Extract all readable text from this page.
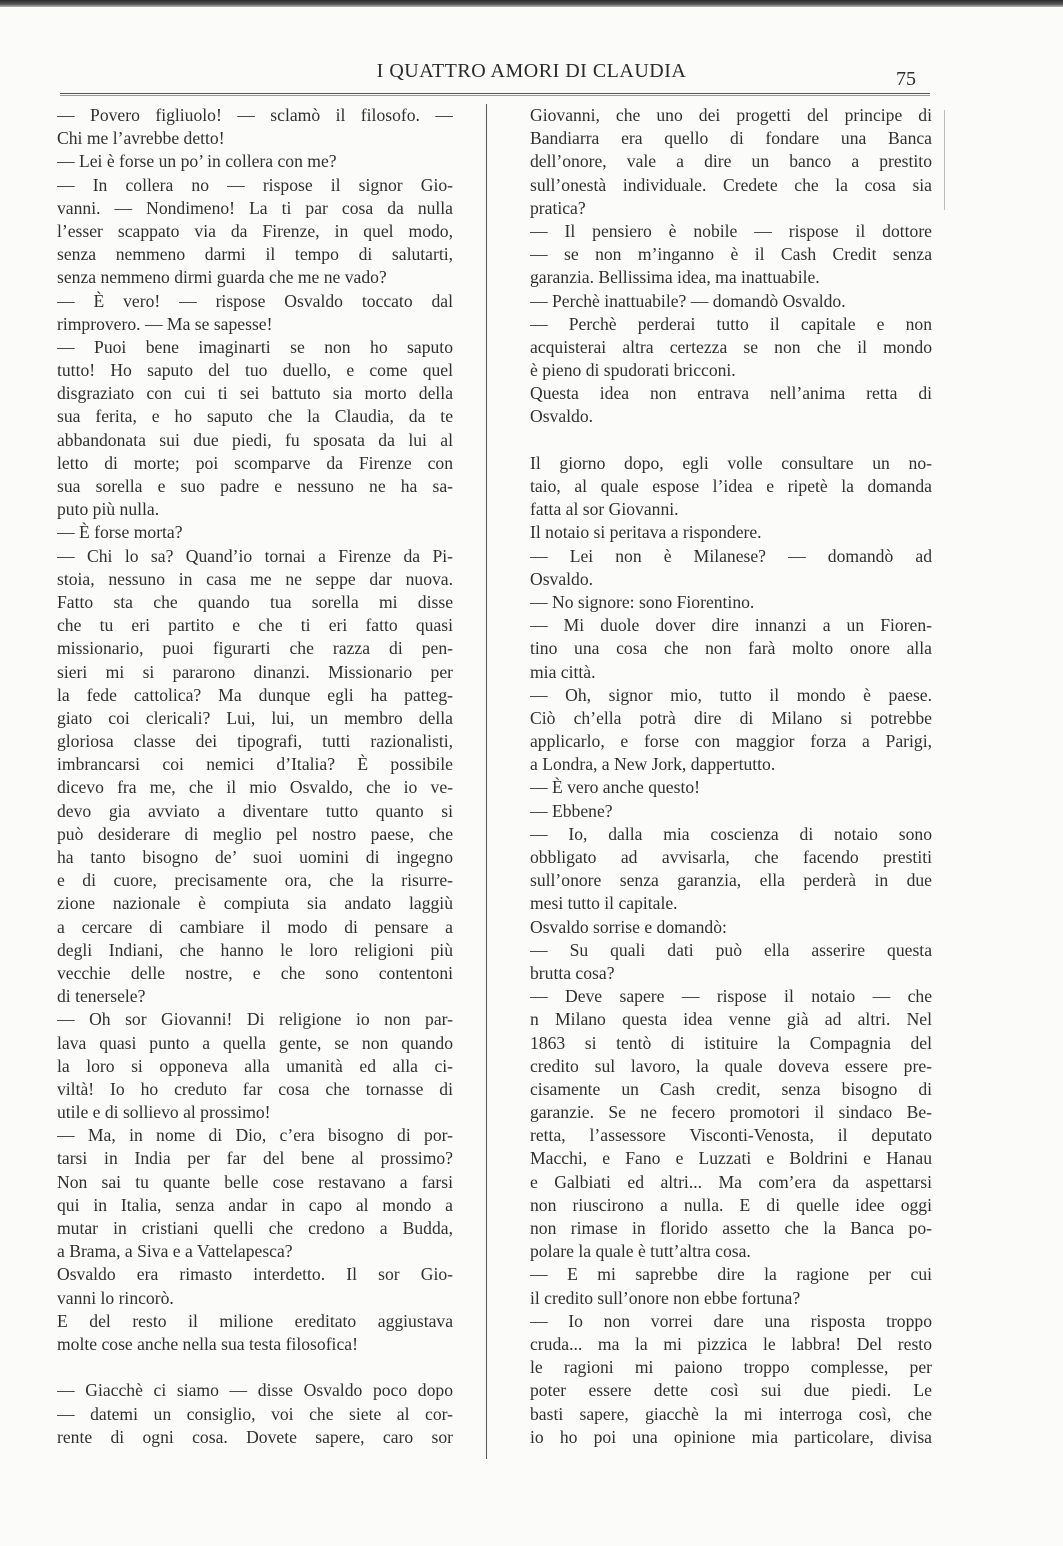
I QUATTRO AMORI DI CLAUDIA	75
— Povero figliuolo! — sclamò il filosofo. —
Chi me l’avrebbe detto!
— Lei è forse un po’ in collera con me?
— In collera no — rispose il signor Gio-
vanni. — Nondimeno! La ti par cosa da nulla
l’esser scappato via da Firenze, in quel modo,
senza nemmeno darmi il tempo di salutarti,
senza nemmeno dirmi guarda che me ne vado?
— È vero! — rispose Osvaldo toccato dal
rimprovero. — Ma se sapesse!
— Puoi bene imaginarti se non ho saputo
tutto! Ho saputo del tuo duello, e come quel
disgraziato con cui ti sei battuto sia morto della
sua ferita, e ho saputo che la Claudia, da te
abbandonata sui due piedi, fu sposata da lui al
letto di morte; poi scomparve da Firenze con
sua sorella e suo padre e nessuno ne ha sa-
puto più nulla.
— È forse morta?
— Chi lo sa? Quand’io tornai a Firenze da Pi-
stoia, nessuno in casa me ne seppe dar nuova.
Fatto sta che quando tua sorella mi disse
che tu eri partito e che ti eri fatto quasi
missionario, puoi figurarti che razza di pen-
sieri mi si pararono dinanzi. Missionario per
la fede cattolica? Ma dunque egli ha patteg-
giato coi clericali? Lui, lui, un membro della
gloriosa classe dei tipografi, tutti razionalisti,
imbrancarsi coi nemici d’Italia? È possibile
dicevo fra me, che il mio Osvaldo, che io ve-
devo gia avviato a diventare tutto quanto si
può desiderare di meglio pel nostro paese, che
ha tanto bisogno de’ suoi uomini di ingegno
e di cuore, precisamente ora, che la risurre-
zione nazionale è compiuta sia andato laggiù
a cercare di cambiare il modo di pensare a
degli Indiani, che hanno le loro religioni più
vecchie delle nostre, e che sono contentoni
di tenersele?
— Oh sor Giovanni! Di religione io non par-
lava quasi punto a quella gente, se non quando
la loro si opponeva alla umanità ed alla ci-
viltà! Io ho creduto far cosa che tornasse di
utile e di sollievo al prossimo!
— Ma, in nome di Dio, c’era bisogno di por-
tarsi in India per far del bene al prossimo?
Non sai tu quante belle cose restavano a farsi
qui in Italia, senza andar in capo al mondo a
mutar in cristiani quelli che credono a Budda,
a Brama, a Siva e a Vattelapesca?
Osvaldo era rimasto interdetto. Il sor Gio-
vanni lo rincorò.
E del resto il milione ereditato aggiustava
molte cose anche nella sua testa filosofica!
— Giacchè ci siamo — disse Osvaldo poco dopo
— datemi un consiglio, voi che siete al cor-
rente di ogni cosa. Dovete sapere, caro sor
Giovanni, che uno dei progetti del principe di
Bandiarra era quello di fondare una Banca
dell’onore, vale a dire un banco a prestito
sull’onestà individuale. Credete che la cosa sia
pratica?
— Il pensiero è nobile — rispose il dottore
— se non m’inganno è il Cash Credit senza
garanzia. Bellissima idea, ma inattuabile.
— Perchè inattuabile? — domandò Osvaldo.
— Perchè perderai tutto il capitale e non
acquisterai altra certezza se non che il mondo
è pieno di spudorati bricconi.
Questa idea non entrava nell’anima retta di
Osvaldo.
Il giorno dopo, egli volle consultare un no-
taio, al quale espose l’idea e ripetè la domanda
fatta al sor Giovanni.
Il notaio si peritava a rispondere.
— Lei non è Milanese? — domandò ad
Osvaldo.
— No signore: sono Fiorentino.
— Mi duole dover dire innanzi a un Fioren-
tino una cosa che non farà molto onore alla
mia città.
— Oh, signor mio, tutto il mondo è paese.
Ciò ch’ella potrà dire di Milano si potrebbe
applicarlo, e forse con maggior forza a Parigi,
a Londra, a New Jork, dappertutto.
— È vero anche questo!
— Ebbene?
— Io, dalla mia coscienza di notaio sono
obbligato ad avvisarla, che facendo prestiti
sull’onore senza garanzia, ella perderà in due
mesi tutto il capitale.
Osvaldo sorrise e domandò:
— Su quali dati può ella asserire questa
brutta cosa?
— Deve sapere — rispose il notaio — che
n Milano questa idea venne già ad altri. Nel
1863 si tentò di istituire la Compagnia del
credito sul lavoro, la quale doveva essere pre-
cisamente un Cash credit, senza bisogno di
garanzie. Se ne fecero promotori il sindaco Be-
retta, l’assessore Visconti-Venosta, il deputato
Macchi, e Fano e Luzzati e Boldrini e Hanau
e Galbiati ed altri... Ma com’era da aspettarsi
non riuscirono a nulla. E di quelle idee oggi
non rimase in florido assetto che la Banca po-
polare la quale è tutt’altra cosa.
— E mi saprebbe dire la ragione per cui
il credito sull’onore non ebbe fortuna?
— Io non vorrei dare una risposta troppo
cruda... ma la mi pizzica le labbra! Del resto
le ragioni mi paiono troppo complesse, per
poter essere dette così sui due piedi. Le
basti sapere, giacchè la mi interroga così, che
io ho poi una opinione mia particolare, divisa
